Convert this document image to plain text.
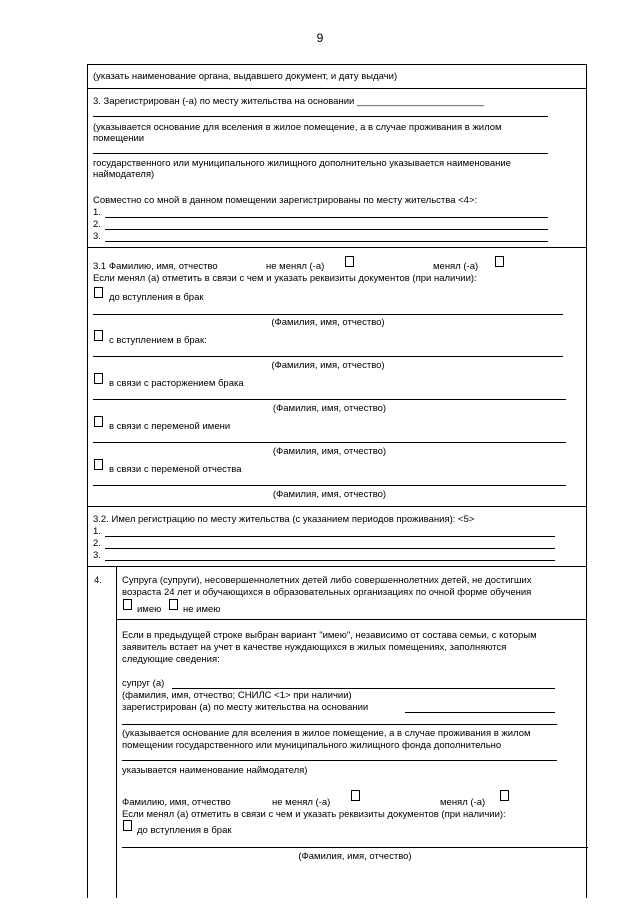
9
(указать наименование органа, выдавшего документ, и дату выдачи)
3. Зарегистрирован (-а) по месту жительства на основании ________________________
(указывается основание для вселения в жилое помещение, а в случае проживания в жилом
помещении
государственного или муниципального жилищного дополнительно указывается наименование
наймодателя)
Совместно со мной в данном помещении зарегистрированы по месту жительства <4>:
1.
2.
3.
3.1 Фамилию, имя, отчество	не менял (-а)	менял (-а)
Если менял (а) отметить в связи с чем и указать реквизиты документов (при наличии):
до вступления в брак
(Фамилия, имя, отчество)
с вступлением в брак:
(Фамилия, имя, отчество)
в связи с расторжением брака
(Фамилия, имя, отчество)
в связи с переменой имени
(Фамилия, имя, отчество)
в связи с переменой отчества
(Фамилия, имя, отчество)
3.2. Имел регистрацию по месту жительства (с указанием периодов проживания): <5>
1.
2.
3.
4. Супруга (супруги), несовершеннолетних детей либо совершеннолетних детей, не достигших
возраста 24 лет и обучающихся в образовательных организациях по очной форме обучения
имею не имею
Если в предыдущей строке выбран вариант "имею", независимо от состава семьи, с которым
заявитель встает на учет в качестве нуждающихся в жилых помещениях, заполняются
следующие сведения:
супруг (а)
(фамилия, имя, отчество; СНИЛС <1> при наличии)
зарегистрирован (а) по месту жительства на основании
(указывается основание для вселения в жилое помещение, а в случае проживания в жилом
помещении государственного или муниципального жилищного фонда дополнительно
указывается наименование наймодателя)
Фамилию, имя, отчество	не менял (-а)	менял (-а)
Если менял (а) отметить в связи с чем и указать реквизиты документов (при наличии):
до вступления в брак
(Фамилия, имя, отчество)
